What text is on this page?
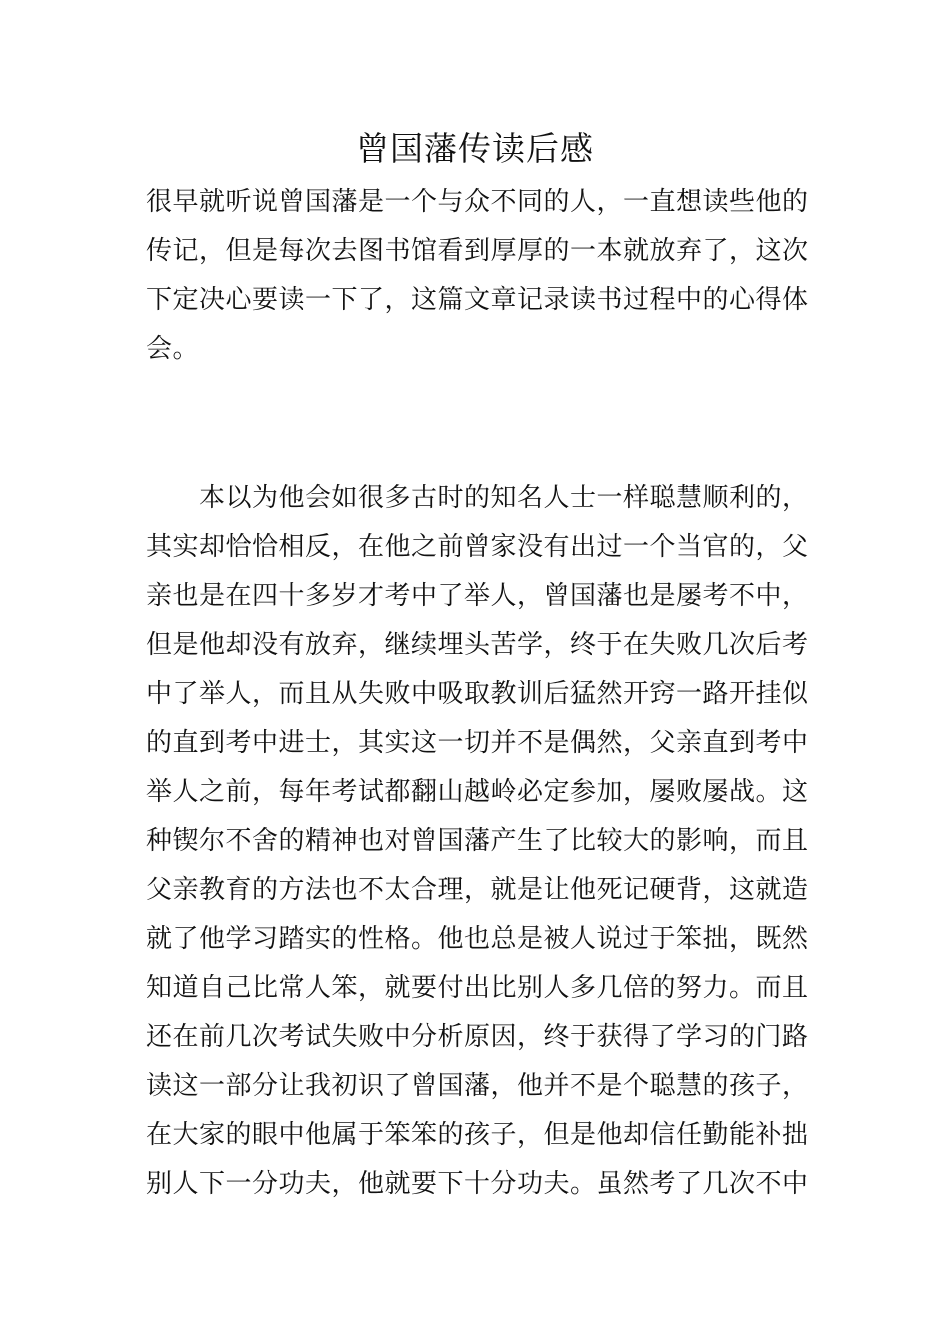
曾国藩传读后感
很早就听说曾国藩是一个与众不同的人，一直想读些他的
传记，但是每次去图书馆看到厚厚的一本就放弃了，这次
下定决心要读一下了，这篇文章记录读书过程中的心得体
会。
　　本以为他会如很多古时的知名人士一样聪慧顺利的，
其实却恰恰相反，在他之前曾家没有出过一个当官的，父
亲也是在四十多岁才考中了举人，曾国藩也是屡考不中，
但是他却没有放弃，继续埋头苦学，终于在失败几次后考
中了举人，而且从失败中吸取教训后猛然开窍一路开挂似
的直到考中进士，其实这一切并不是偶然，父亲直到考中
举人之前，每年考试都翻山越岭必定参加，屡败屡战。这
种锲尔不舍的精神也对曾国藩产生了比较大的影响，而且
父亲教育的方法也不太合理，就是让他死记硬背，这就造
就了他学习踏实的性格。他也总是被人说过于笨拙，既然
知道自己比常人笨，就要付出比别人多几倍的努力。而且
还在前几次考试失败中分析原因，终于获得了学习的门路
读这一部分让我初识了曾国藩，他并不是个聪慧的孩子，
在大家的眼中他属于笨笨的孩子，但是他却信任勤能补拙
别人下一分功夫，他就要下十分功夫。虽然考了几次不中
